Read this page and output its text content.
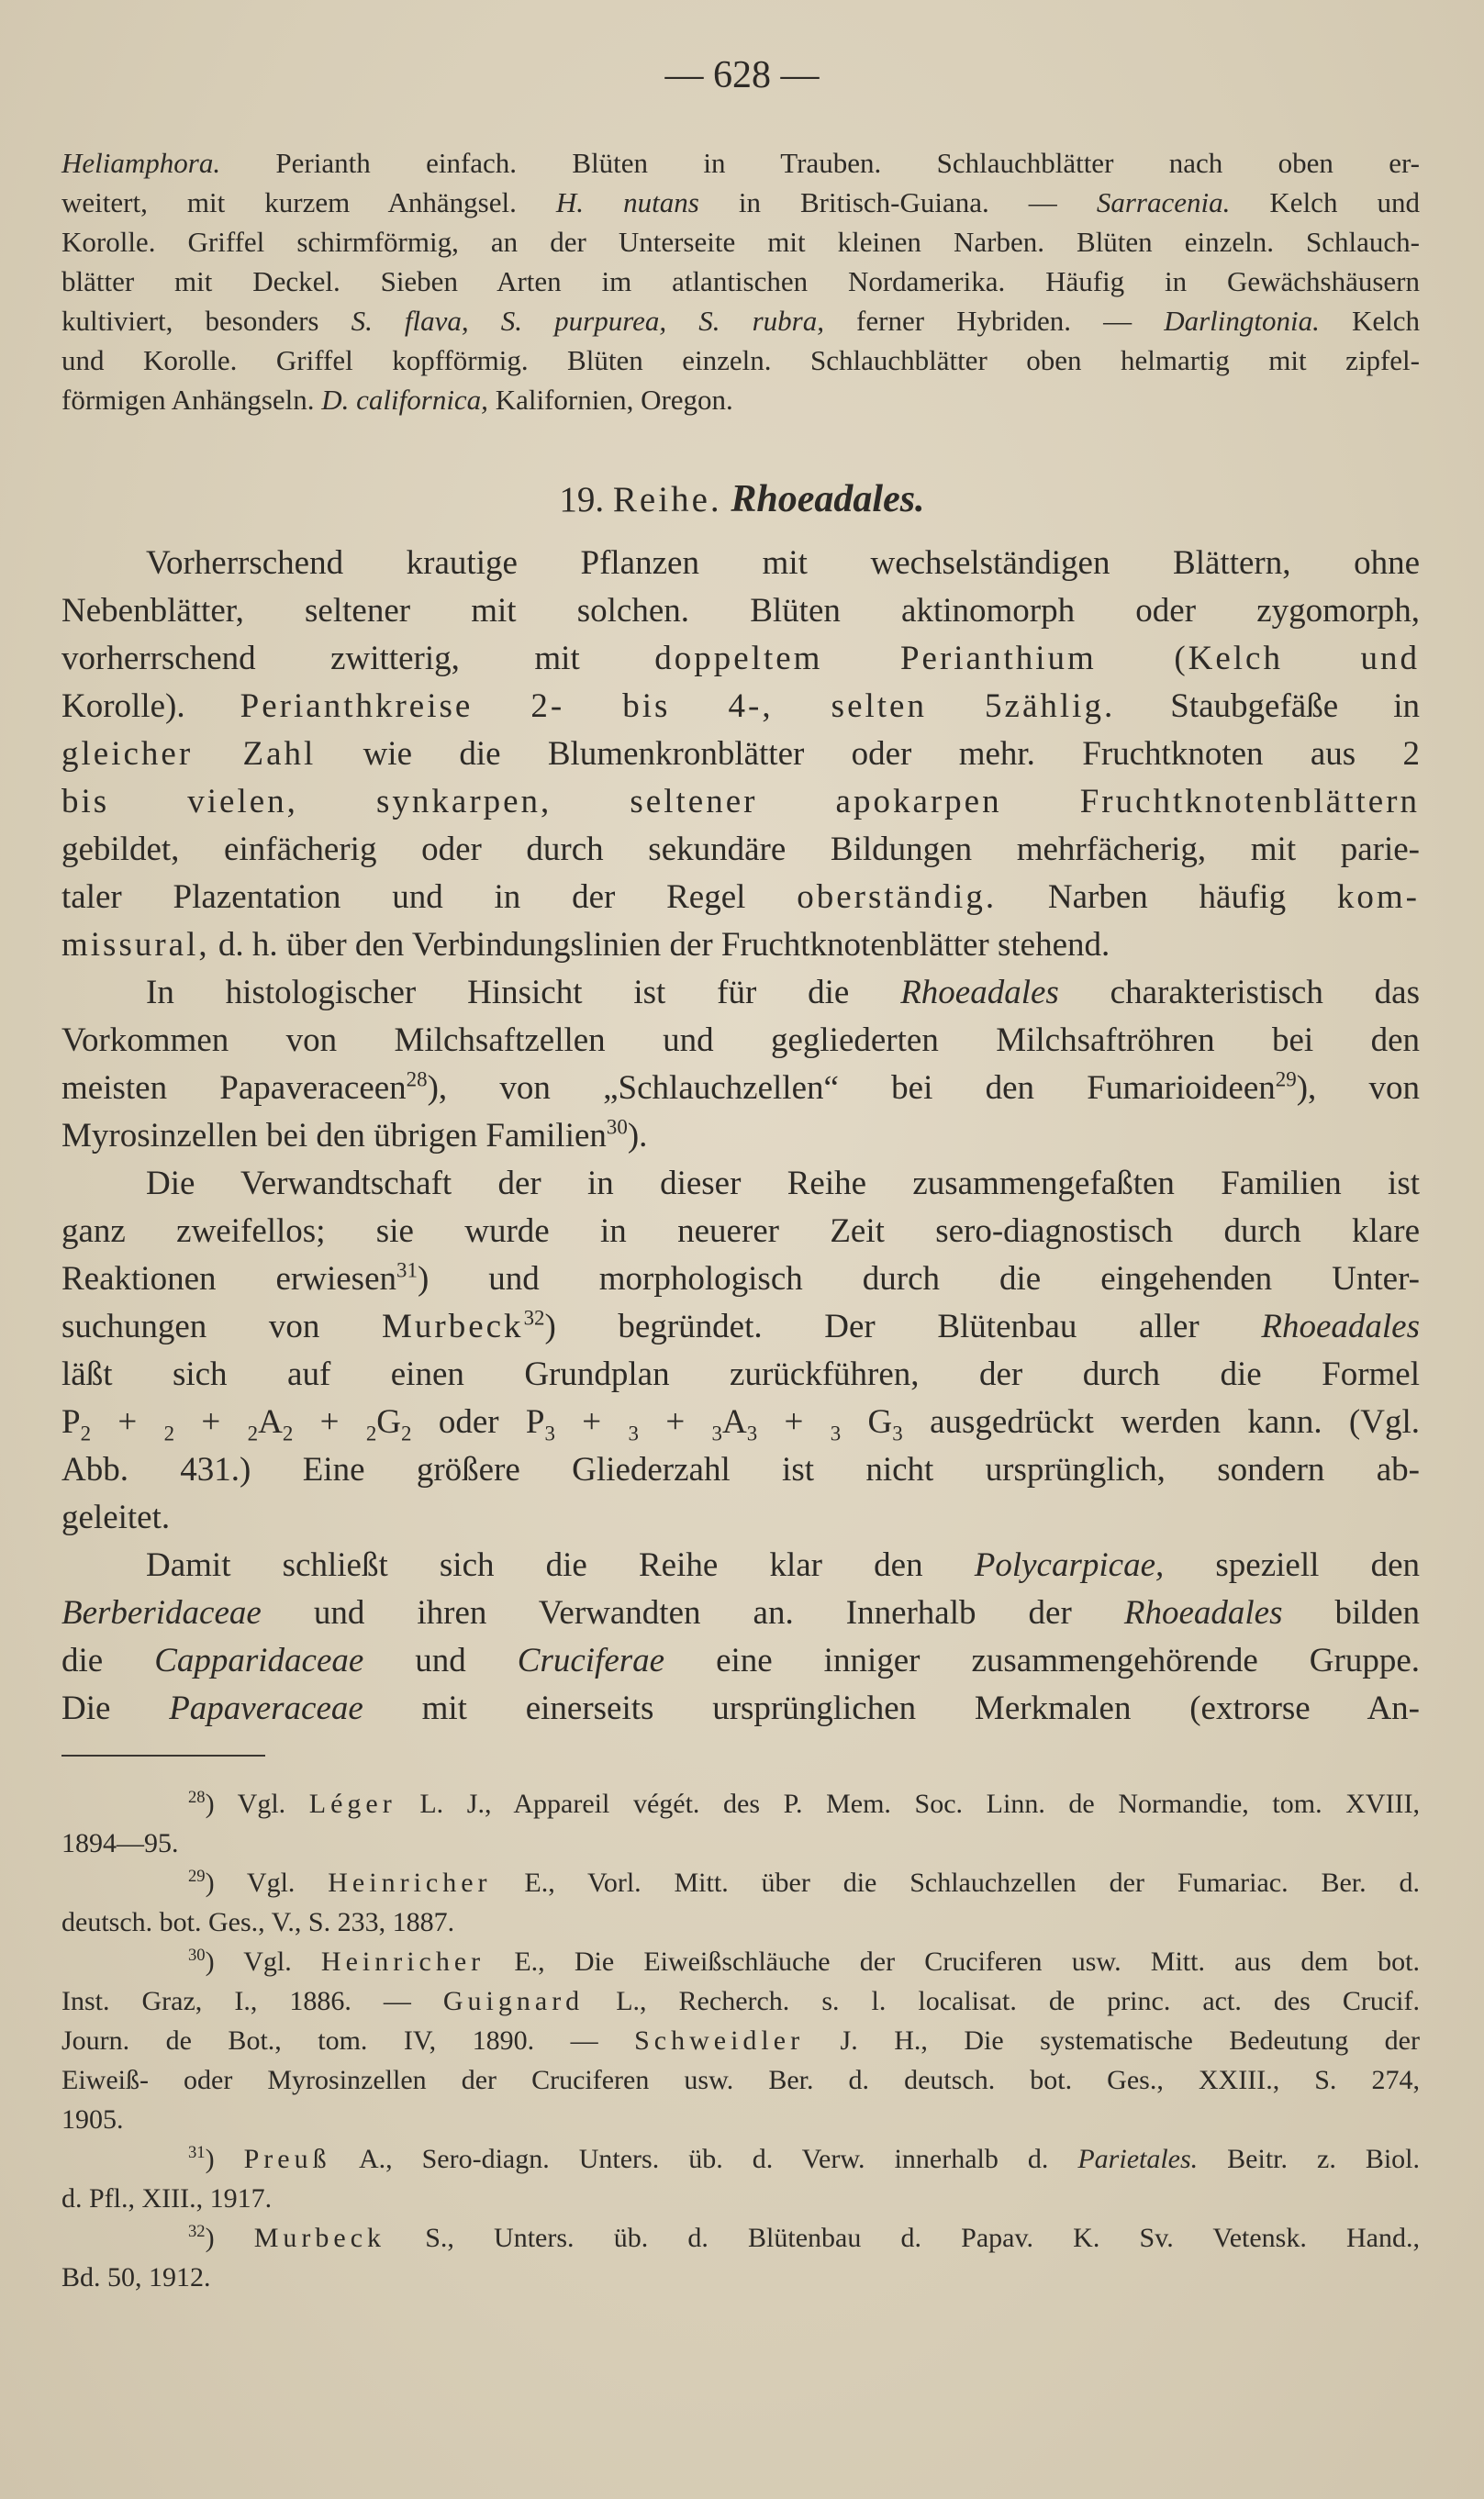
— 628 —
Heliamphora. Perianth einfach. Blüten in Trauben. Schlauchblätter nach oben er-
weitert, mit kurzem Anhängsel. H. nutans in Britisch-Guiana. — Sarracenia. Kelch und
Korolle. Griffel schirmförmig, an der Unterseite mit kleinen Narben. Blüten einzeln. Schlauch-
blätter mit Deckel. Sieben Arten im atlantischen Nordamerika. Häufig in Gewächshäusern
kultiviert, besonders S. flava, S. purpurea, S. rubra, ferner Hybriden. — Darlingtonia. Kelch
und Korolle. Griffel kopfförmig. Blüten einzeln. Schlauchblätter oben helmartig mit zipfel-
förmigen Anhängseln. D. californica, Kalifornien, Oregon.
19. Reihe. Rhoeadales.
Vorherrschend krautige Pflanzen mit wechselständigen Blättern, ohne
Nebenblätter, seltener mit solchen. Blüten aktinomorph oder zygomorph,
vorherrschend zwitterig, mit doppeltem Perianthium (Kelch und
Korolle). Perianthkreise 2- bis 4-, selten 5zählig. Staubgefäße in
gleicher Zahl wie die Blumenkronblätter oder mehr. Fruchtknoten aus 2
bis vielen, synkarpen, seltener apokarpen Fruchtknotenblättern
gebildet, einfächerig oder durch sekundäre Bildungen mehrfächerig, mit parie-
taler Plazentation und in der Regel oberständig. Narben häufig kom-
missural, d. h. über den Verbindungslinien der Fruchtknotenblätter stehend.
In histologischer Hinsicht ist für die Rhoeadales charakteristisch das
Vorkommen von Milchsaftzellen und gegliederten Milchsaftröhren bei den
meisten Papaveraceen$^{28}$), von „Schlauchzellen“ bei den Fumarioideen$^{29}$), von
Myrosinzellen bei den übrigen Familien$^{30}$).
Die Verwandtschaft der in dieser Reihe zusammengefaßten Familien ist
ganz zweifellos; sie wurde in neuerer Zeit sero-diagnostisch durch klare
Reaktionen erwiesen$^{31}$) und morphologisch durch die eingehenden Unter-
suchungen von Murbeck$^{32}$) begründet. Der Blütenbau aller Rhoeadales
läßt sich auf einen Grundplan zurückführen, der durch die Formel
$P_2 + _2 + _2A_2 + _2G_2$ oder $P_3 + _3 + _3A_3 + _3$ $G_3$ ausgedrückt werden kann. (Vgl.
Abb. 431.) Eine größere Gliederzahl ist nicht ursprünglich, sondern ab-
geleitet.
Damit schließt sich die Reihe klar den Polycarpicae, speziell den
Berberidaceae und ihren Verwandten an. Innerhalb der Rhoeadales bilden
die Capparidaceae und Cruciferae eine inniger zusammengehörende Gruppe.
Die Papaveraceae mit einerseits ursprünglichen Merkmalen (extrorse An-
$^{28}$) Vgl. Léger L. J., Appareil végét. des P. Mem. Soc. Linn. de Normandie, tom. XVIII,
1894—95.
$^{29}$) Vgl. Heinricher E., Vorl. Mitt. über die Schlauchzellen der Fumariac. Ber. d.
deutsch. bot. Ges., V., S. 233, 1887.
$^{30}$) Vgl. Heinricher E., Die Eiweißschläuche der Cruciferen usw. Mitt. aus dem bot.
Inst. Graz, I., 1886. — Guignard L., Recherch. s. l. localisat. de princ. act. des Crucif.
Journ. de Bot., tom. IV, 1890. — Schweidler J. H., Die systematische Bedeutung der
Eiweiß- oder Myrosinzellen der Cruciferen usw. Ber. d. deutsch. bot. Ges., XXIII., S. 274,
1905.
$^{31}$) Preuß A., Sero-diagn. Unters. üb. d. Verw. innerhalb d. Parietales. Beitr. z. Biol.
d. Pfl., XIII., 1917.
$^{32}$) Murbeck S., Unters. üb. d. Blütenbau d. Papav. K. Sv. Vetensk. Hand.,
Bd. 50, 1912.
